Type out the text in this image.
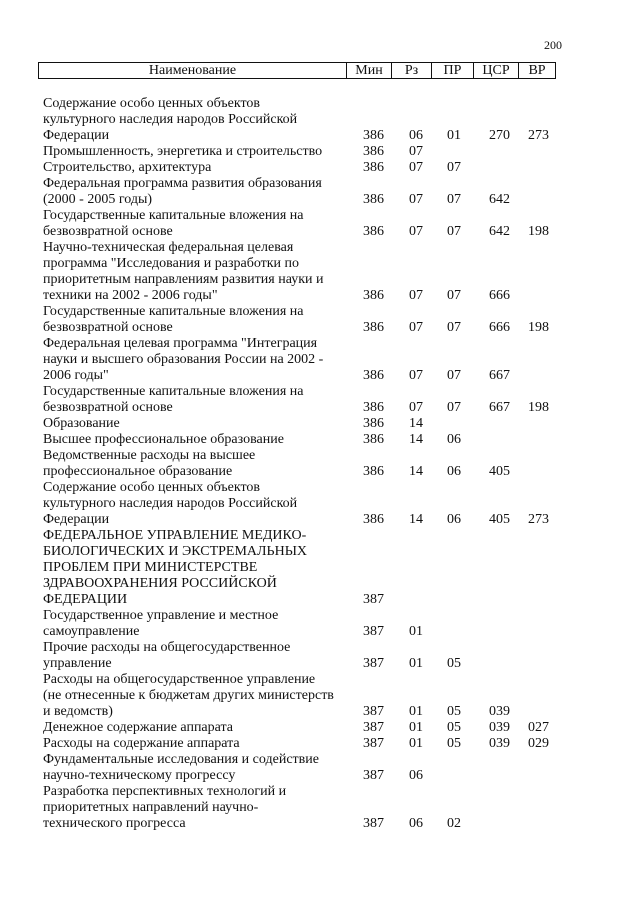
200
Наименование	Мин	Рз	ПР	ЦСР	ВР
Содержание особо ценных объектов
культурного наследия народов Российской
Федерации	386 06 01 270 273
Промышленность, энергетика и строительство	386 07
Строительство, архитектура	386 07 07
Федеральная программа развития образования
(2000 - 2005 годы)	386 07 07 642
Государственные капитальные вложения на
безвозвратной основе	386 07 07 642 198
Научно-техническая федеральная целевая
программа "Исследования и разработки по
приоритетным направлениям развития науки и
техники на 2002 - 2006 годы"	386 07 07 666
Государственные капитальные вложения на
безвозвратной основе	386 07 07 666 198
Федеральная целевая программа "Интеграция
науки и высшего образования России на 2002 -
2006 годы"	386 07 07 667
Государственные капитальные вложения на
безвозвратной основе	386 07 07 667 198
Образование	386 14
Высшее профессиональное образование	386 14 06
Ведомственные расходы на высшее
профессиональное образование	386 14 06 405
Содержание особо ценных объектов
культурного наследия народов Российской
Федерации	386 14 06 405 273
ФЕДЕРАЛЬНОЕ УПРАВЛЕНИЕ МЕДИКО-
БИОЛОГИЧЕСКИХ И ЭКСТРЕМАЛЬНЫХ
ПРОБЛЕМ ПРИ МИНИСТЕРСТВЕ
ЗДРАВООХРАНЕНИЯ РОССИЙСКОЙ
ФЕДЕРАЦИИ	387
Государственное управление и местное
самоуправление	387 01
Прочие расходы на общегосударственное
управление	387 01 05
Расходы на общегосударственное управление
(не отнесенные к бюджетам других министерств
и ведомств)	387 01 05 039
Денежное содержание аппарата	387 01 05 039 027
Расходы на содержание аппарата	387 01 05 039 029
Фундаментальные исследования и содействие
научно-техническому прогрессу	387 06
Разработка перспективных технологий и
приоритетных направлений научно-
технического прогресса	387 06 02
